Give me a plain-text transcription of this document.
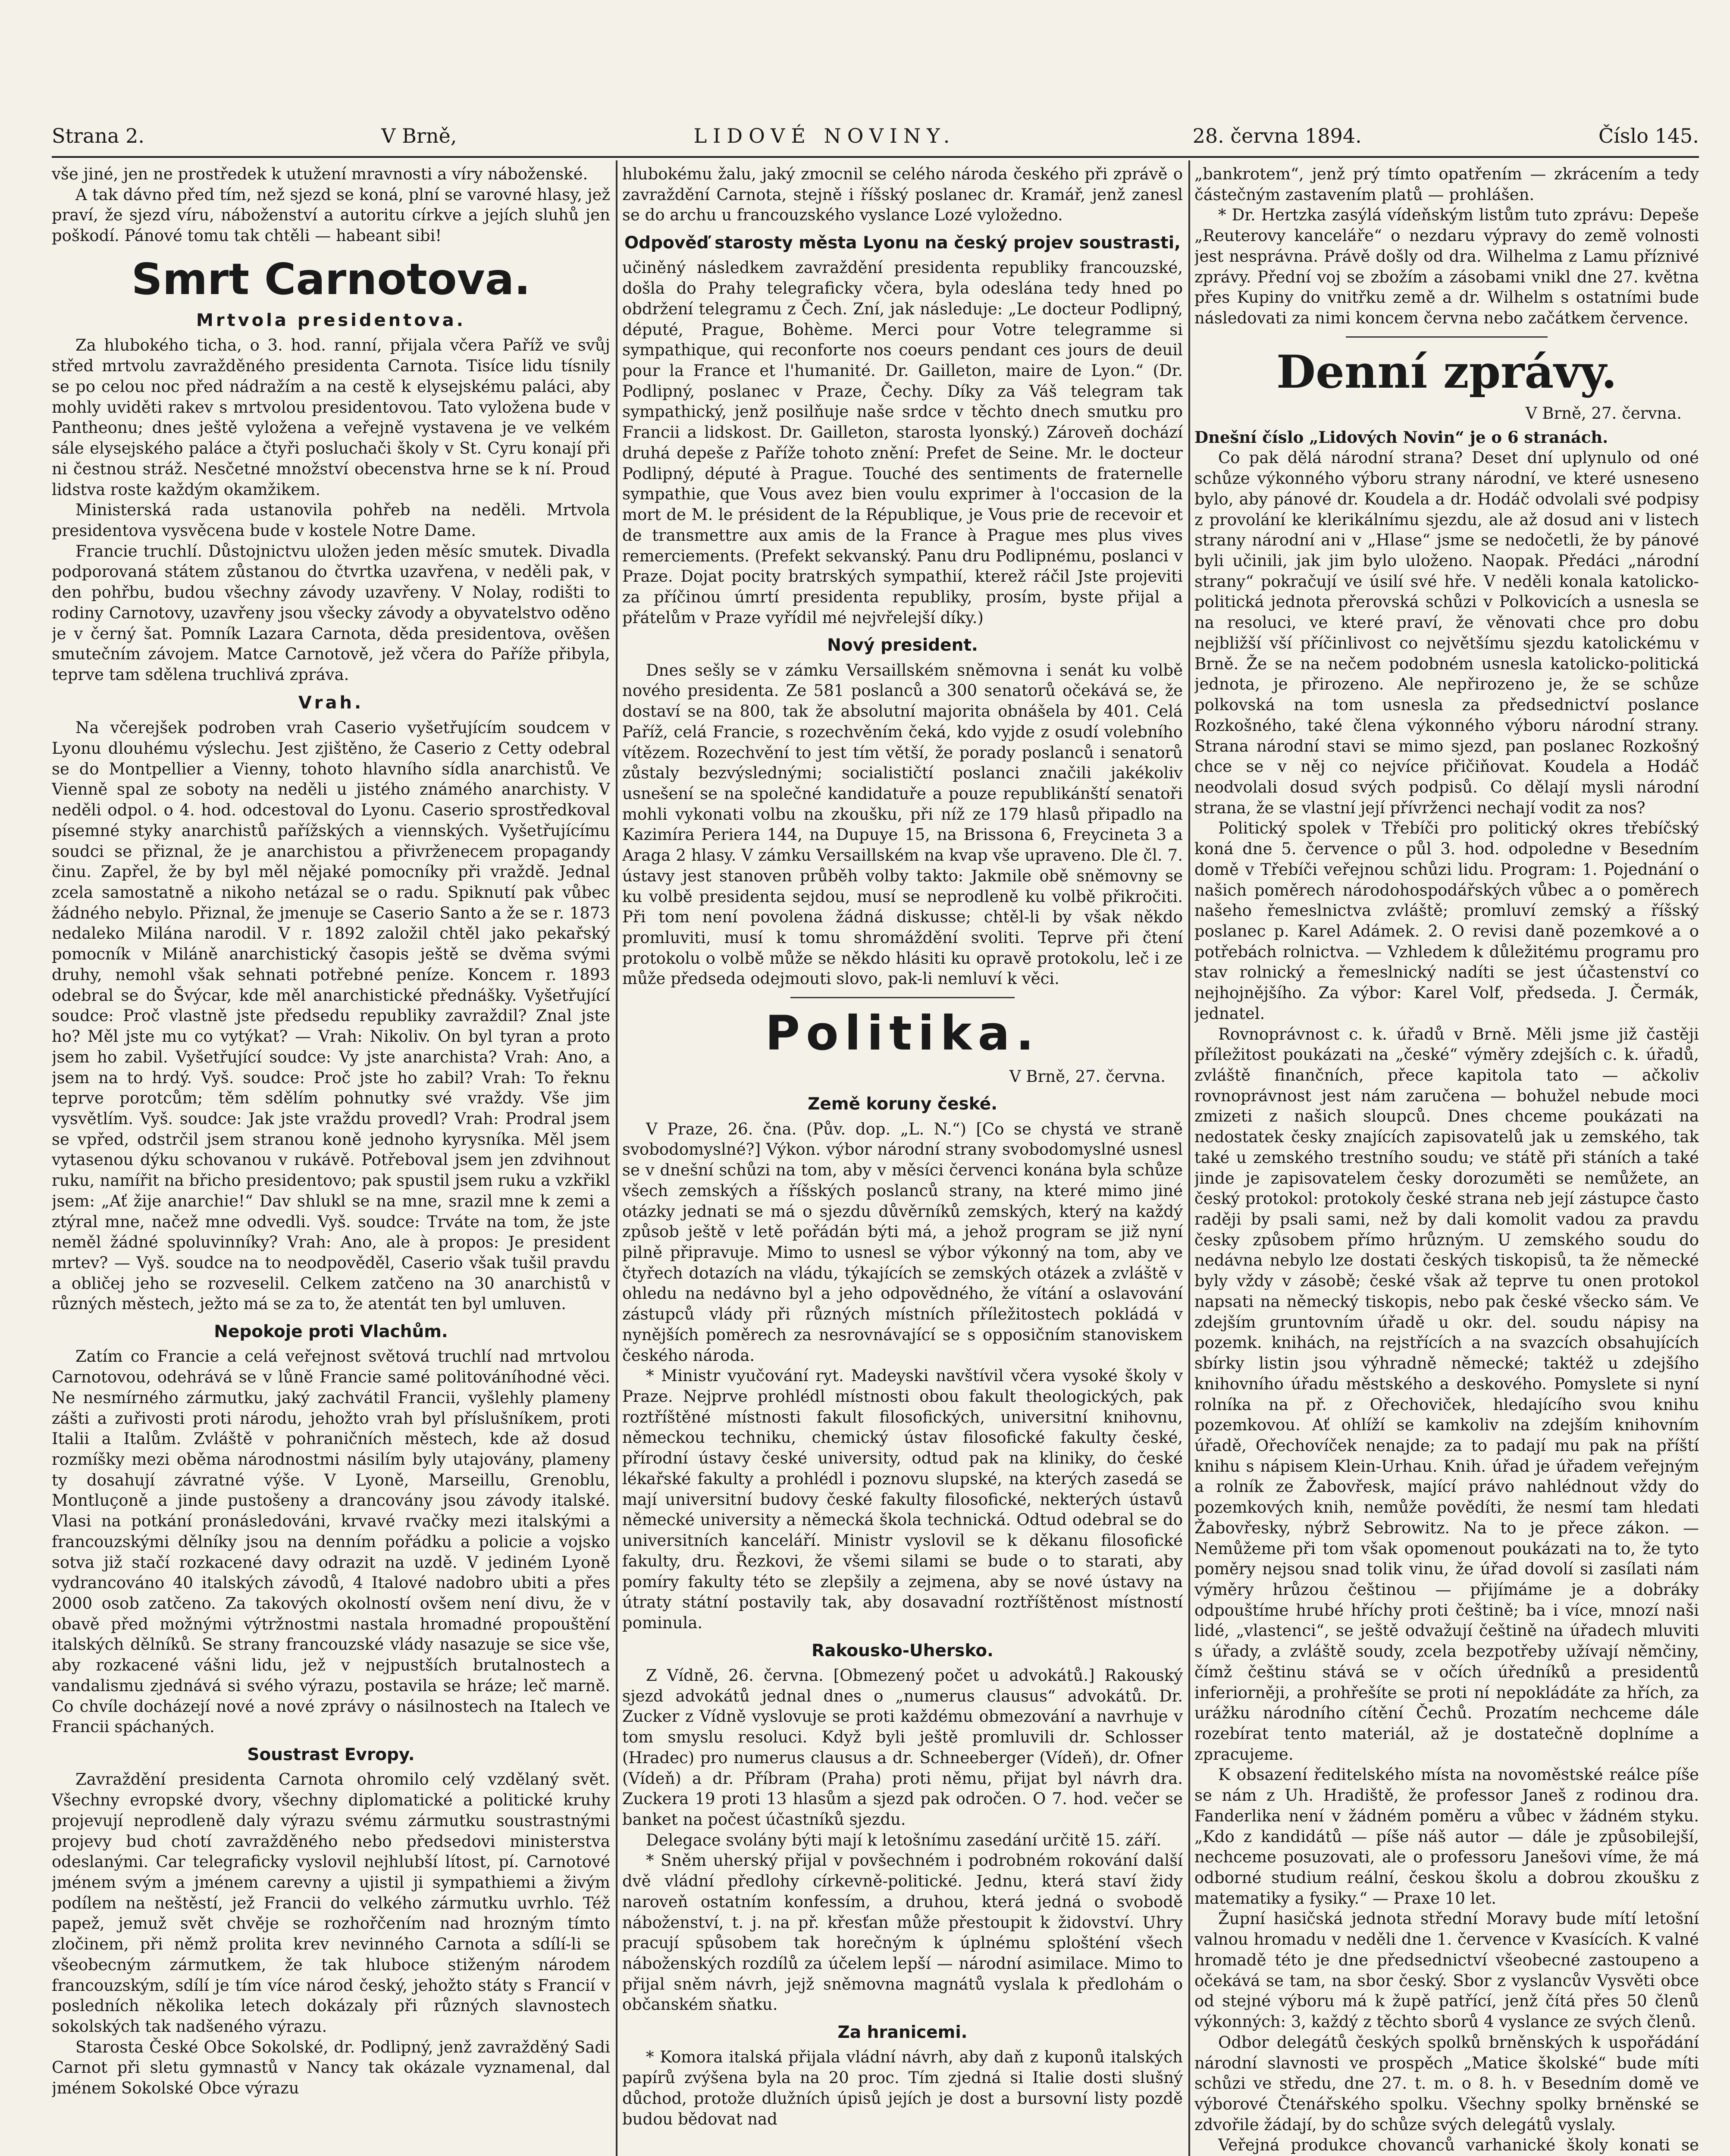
Strana 2.	V Brně,	LIDOVÉ NOVINY.	28. června 1894.	Číslo 145.

vše jiné, jen ne prostředek k utužení mravnosti a víry náboženské.

A tak dávno před tím, než sjezd se koná, plní se varovné hlasy, jež praví, že sjezd víru, náboženství a autoritu církve a jejích sluhů jen poškodí. Pánové tomu tak chtěli — habeant sibi!

Smrt Carnotova.
Mrtvola presidentova.

Za hlubokého ticha, o 3. hod. ranní, přijala včera Paříž ve svůj střed mrtvolu zavražděného presidenta Carnota. Tisíce lidu tísnily se po celou noc před nádražím a na cestě k elysejskému paláci, aby mohly uviděti rakev s mrtvolou presidentovou. Tato vyložena bude v Pantheonu; dnes ještě vyložena a veřejně vystavena je ve velkém sále elysejského paláce a čtyři posluchači školy v St. Cyru konají při ni čestnou stráž. Nesčetné množství obecenstva hrne se k ní. Proud lidstva roste každým okamžikem.

Ministerská rada ustanovila pohřeb na neděli. Mrtvola presidentova vysvěcena bude v kostele Notre Dame.

Francie truchlí. Důstojnictvu uložen jeden měsíc smutek. Divadla podporovaná státem zůstanou do čtvrtka uzavřena, v neděli pak, v den pohřbu, budou všechny závody uzavřeny. V Nolay, rodišti to rodiny Carnotovy, uzavřeny jsou všecky závody a obyvatelstvo oděno je v černý šat. Pomník Lazara Carnota, děda presidentova, ověšen smutečním závojem. Matce Carnotově, jež včera do Paříže přibyla, teprve tam sdělena truchlivá zpráva.

Vrah.

Na včerejšek podroben vrah Caserio vyšetřujícím soudcem v Lyonu dlouhému výslechu. Jest zjištěno, že Caserio z Cetty odebral se do Montpellier a Vienny, tohoto hlavního sídla anarchistů. Ve Vienně spal ze soboty na neděli u jistého známého anarchisty. V neděli odpol. o 4. hod. odcestoval do Lyonu. Caserio sprostředkoval písemné styky anarchistů pařížských a viennských. Vyšetřujícímu soudci se přiznal, že je anarchistou a přivrženecem propagandy činu. Zapřel, že by byl měl nějaké pomocníky při vraždě. Jednal zcela samostatně a nikoho netázal se o radu. Spiknutí pak vůbec žádného nebylo. Přiznal, že jmenuje se Caserio Santo a že se r. 1873 nedaleko Milána narodil. V r. 1892 založil chtěl jako pekařský pomocník v Miláně anarchistický časopis ještě se dvěma svými druhy, nemohl však sehnati potřebné peníze. Koncem r. 1893 odebral se do Švýcar, kde měl anarchistické přednášky. Vyšetřující soudce: Proč vlastně jste předsedu republiky zavraždil? Znal jste ho? Měl jste mu co vytýkat? — Vrah: Nikoliv. On byl tyran a proto jsem ho zabil. Vyšetřující soudce: Vy jste anarchista? Vrah: Ano, a jsem na to hrdý. Vyš. soudce: Proč jste ho zabil? Vrah: To řeknu teprve porotcům; těm sdělím pohnutky své vraždy. Vše jim vysvětlím. Vyš. soudce: Jak jste vraždu provedl? Vrah: Prodral jsem se vpřed, odstrčil jsem stranou koně jednoho kyrysníka. Měl jsem vytasenou dýku schovanou v rukávě. Potřeboval jsem jen zdvihnout ruku, namířit na břicho presidentovo; pak spustil jsem ruku a vzkřikl jsem: „Ať žije anarchie!“ Dav shlukl se na mne, srazil mne k zemi a ztýral mne, načež mne odvedli. Vyš. soudce: Trváte na tom, že jste neměl žádné spoluvinníky? Vrah: Ano, ale à propos: Je president mrtev? — Vyš. soudce na to neodpověděl, Caserio však tušil pravdu a obličej jeho se rozveselil. Celkem zatčeno na 30 anarchistů v různých městech, ježto má se za to, že atentát ten byl umluven.

Nepokoje proti Vlachům.

Zatím co Francie a celá veřejnost světová truchlí nad mrtvolou Carnotovou, odehrává se v lůně Francie samé politováníhodné věci. Ne nesmírného zármutku, jaký zachvátil Francii, vyšlehly plameny zášti a zuřivosti proti národu, jehožto vrah byl příslušníkem, proti Italii a Italům. Zvláště v pohraničních městech, kde až dosud rozmíšky mezi oběma národnostmi násilím byly utajovány, plameny ty dosahují závratné výše. V Lyoně, Marseillu, Grenoblu, Montluçoně a jinde pustošeny a drancovány jsou závody italské. Vlasi na potkání pronásledováni, krvavé rvačky mezi italskými a francouzskými dělníky jsou na denním pořádku a policie a vojsko sotva již stačí rozkacené davy odrazit na uzdě. V jediném Lyoně vydrancováno 40 italských závodů, 4 Italové nadobro ubiti a přes 2000 osob zatčeno. Za takových okolností ovšem není divu, že v obavě před možnými výtržnostmi nastala hromadné propouštění italských dělníků. Se strany francouzské vlády nasazuje se sice vše, aby rozkacené vášni lidu, jež v nejpustších brutalnostech a vandalismu zjednává si svého výrazu, postavila se hráze; leč marně. Co chvíle docházejí nové a nové zprávy o násilnostech na Italech ve Francii spáchaných.

Soustrast Evropy.

Zavraždění presidenta Carnota ohromilo celý vzdělaný svět. Všechny evropské dvory, všechny diplomatické a politické kruhy projevují neprodleně daly výrazu svému zármutku soustrastnými projevy bud chotí zavražděného nebo předsedovi ministerstva odeslanými. Car telegraficky vyslovil nejhlubší lítost, pí. Carnotové jménem svým a jménem carevny a ujistil ji sympathiemi a živým podílem na neštěstí, jež Francii do velkého zármutku uvrhlo. Též papež, jemuž svět chvěje se rozhořčením nad hrozným tímto zločinem, při němž prolita krev nevinného Carnota a sdílí-li se všeobecným zármutkem, že tak hluboce stiženým národem francouzským, sdílí je tím více národ český, jehožto státy s Francií v posledních několika letech dokázaly při různých slavnostech sokolských tak nadšeného výrazu.

Starosta České Obce Sokolské, dr. Podlipný, jenž zavražděný Sadi Carnot při sletu gymnastů v Nancy tak okázale vyznamenal, dal jménem Sokolské Obce výrazu

hlubokému žalu, jaký zmocnil se celého národa českého při zprávě o zavraždění Carnota, stejně i říšský poslanec dr. Kramář, jenž zanesl se do archu u francouzského vyslance Lozé vyložedno.

Odpověď starosty města Lyonu na český projev soustrasti,

učiněný následkem zavraždění presidenta republiky francouzské, došla do Prahy telegraficky včera, byla odeslána tedy hned po obdržení telegramu z Čech. Zní, jak následuje: „Le docteur Podlipný, député, Prague, Bohème. Merci pour Votre telegramme si sympathique, qui reconforte nos coeurs pendant ces jours de deuil pour la France et l'humanité. Dr. Gailleton, maire de Lyon.“ (Dr. Podlipný, poslanec v Praze, Čechy. Díky za Váš telegram tak sympathický, jenž posilňuje naše srdce v těchto dnech smutku pro Francii a lidskost. Dr. Gailleton, starosta lyonský.) Zároveň dochází druhá depeše z Paříže tohoto znění: Prefet de Seine. Mr. le docteur Podlipný, député à Prague. Touché des sentiments de fraternelle sympathie, que Vous avez bien voulu exprimer à l'occasion de la mort de M. le président de la République, je Vous prie de recevoir et de transmettre aux amis de la France à Prague mes plus vives remerciements. (Prefekt sekvanský. Panu dru Podlipnému, poslanci v Praze. Dojat pocity bratrských sympathií, kterež ráčil Jste projeviti za příčinou úmrtí presidenta republiky, prosím, byste přijal a přátelům v Praze vyřídil mé nejvřelejší díky.)

Nový president.

Dnes sešly se v zámku Versaillském sněmovna i senát ku volbě nového presidenta. Ze 581 poslanců a 300 senatorů očekává se, že dostaví se na 800, tak že absolutní majorita obnášela by 401. Celá Paříž, celá Francie, s rozechvěním čeká, kdo vyjde z osudí volebního vítězem. Rozechvění to jest tím větší, že porady poslanců i senatorů zůstaly bezvýslednými; socialističtí poslanci značili jakékoliv usnešení se na společné kandidatuře a pouze republikánští senatoři mohli vykonati volbu na zkoušku, při níž ze 179 hlasů připadlo na Kazimíra Periera 144, na Dupuye 15, na Brissona 6, Freycineta 3 a Araga 2 hlasy. V zámku Versaillském na kvap vše upraveno. Dle čl. 7. ústavy jest stanoven průběh volby takto: Jakmile obě sněmovny se ku volbě presidenta sejdou, musí se neprodleně ku volbě přikročiti. Při tom není povolena žádná diskusse; chtěl-li by však někdo promluviti, musí k tomu shromáždění svoliti. Teprve při čtení protokolu o volbě může se někdo hlásiti ku opravě protokolu, leč i ze může předseda odejmouti slovo, pak-li nemluví k věci.

Politika.
V Brně, 27. června.
Země koruny české.

V Praze, 26. čna. (Pův. dop. „L. N.“) [Co se chystá ve straně svobodomyslné?] Výkon. výbor národní strany svobodomyslné usnesl se v dnešní schůzi na tom, aby v měsíci červenci konána byla schůze všech zemských a říšských poslanců strany, na které mimo jiné otázky jednati se má o sjezdu důvěrníků zemských, který na každý způsob ještě v letě pořádán býti má, a jehož program se již nyní pilně připravuje. Mimo to usnesl se výbor výkonný na tom, aby ve čtyřech dotazích na vládu, týkajících se zemských otázek a zvláště v ohledu na nedávno byl a jeho odpovědného, že vítání a oslavování zástupců vlády při různých místních příležitostech pokládá v nynějších poměrech za nesrovnávající se s opposičním stanoviskem českého národa.

* Ministr vyučování ryt. Madeyski navštívil včera vysoké školy v Praze. Nejprve prohlédl místnosti obou fakult theologických, pak roztříštěné místnosti fakult filosofických, universitní knihovnu, německou techniku, chemický ústav filosofické fakulty české, přírodní ústavy české university, odtud pak na kliniky, do české lékařské fakulty a prohlédl i poznovu slupské, na kterých zasedá se mají universitní budovy české fakulty filosofické, nekterých ústavů německé university a německá škola technická. Odtud odebral se do universitních kanceláří. Ministr vyslovil se k děkanu filosofické fakulty, dru. Řezkovi, že všemi silami se bude o to starati, aby pomíry fakulty této se zlepšily a zejmena, aby se nové ústavy na útraty státní postavily tak, aby dosavadní roztříštěnost místností pominula.

Rakousko-Uhersko.

Z Vídně, 26. června. [Obmezený počet u advokátů.] Rakouský sjezd advokátů jednal dnes o „numerus clausus“ advokátů. Dr. Zucker z Vídně vyslovuje se proti každému obmezování a navrhuje v tom smyslu resoluci. Když byli ještě promluvili dr. Schlosser (Hradec) pro numerus clausus a dr. Schneeberger (Vídeň), dr. Ofner (Vídeň) a dr. Příbram (Praha) proti němu, přijat byl návrh dra. Zuckera 19 proti 13 hlasům a sjezd pak odročen. O 7. hod. večer se banket na počest účastníků sjezdu.

Delegace svolány býti mají k letošnímu zasedání určitě 15. září.

* Sněm uherský přijal v povšechném i podrobném rokování další dvě vládní předlohy církevně-politické. Jednu, která staví židy naroveň ostatním konfessím, a druhou, která jedná o svobodě náboženství, t. j. na př. křesťan může přestoupit k židovství. Uhry pracují spůsobem tak horečným k úplnému splošténí všech náboženských rozdílů za účelem lepší — národní asimilace. Mimo to přijal sněm návrh, jejž sněmovna magnátů vyslala k předlohám o občanském sňatku.

Za hranicemi.

* Komora italská přijala vládní návrh, aby daň z kuponů italských papírů zvýšena byla na 20 proc. Tím zjedná si Italie dosti slušný důchod, protože dlužních úpisů jejích je dost a bursovní listy pozdě budou bědovat nad

„bankrotem“, jenž prý tímto opatřením — zkrácením a tedy částečným zastavením platů — prohlášen.

* Dr. Hertzka zasýlá vídeňským listům tuto zprávu: Depeše „Reuterovy kanceláře“ o nezdaru výpravy do země volnosti jest nesprávna. Právě došly od dra. Wilhelma z Lamu příznivé zprávy. Přední voj se zbožím a zásobami vnikl dne 27. května přes Kupiny do vnitřku země a dr. Wilhelm s ostatními bude následovati za nimi koncem června nebo začátkem července.

Denní zprávy.
V Brně, 27. června.

Dnešní číslo „Lidových Novin“ je o 6 stranách.

Co pak dělá národní strana? Deset dní uplynulo od oné schůze výkonného výboru strany národní, ve které usneseno bylo, aby pánové dr. Koudela a dr. Hodáč odvolali své podpisy z provolání ke klerikálnímu sjezdu, ale až dosud ani v listech strany národní ani v „Hlase“ jsme se nedočetli, že by pánové byli učinili, jak jim bylo uloženo. Naopak. Předáci „národní strany“ pokračují ve úsilí své hře. V neděli konala katolicko-politická jednota přerovská schůzi v Polkovicích a usnesla se na resoluci, ve které praví, že věnovati chce pro dobu nejbližší vší příčinlivost co největšímu sjezdu katolickému v Brně. Že se na nečem podobném usnesla katolicko-politická jednota, je přirozeno. Ale nepřirozeno je, že se schůze polkovská na tom usnesla za předsednictví poslance Rozkošného, také člena výkonného výboru národní strany. Strana národní stavi se mimo sjezd, pan poslanec Rozkošný chce se v něj co nejvíce přičiňovat. Koudela a Hodáč neodvolali dosud svých podpisů. Co dělají mysli národní strana, že se vlastní její přívrženci nechají vodit za nos?

Politický spolek v Třebíči pro politický okres třebíčský koná dne 5. července o půl 3. hod. odpoledne v Besedním domě v Třebíči veřejnou schůzi lidu. Program: 1. Pojednání o našich poměrech národohospodářských vůbec a o poměrech našeho řemeslnictva zvláště; promluví zemský a říšský poslanec p. Karel Adámek. 2. O revisi daně pozemkové a o potřebách rolnictva. — Vzhledem k důležitému programu pro stav rolnický a řemeslnický nadíti se jest účastenství co nejhojnějšího. Za výbor: Karel Volf, předseda. J. Čermák, jednatel.

Rovnoprávnost c. k. úřadů v Brně. Měli jsme již častěji příležitost poukázati na „české“ výměry zdejších c. k. úřadů, zvláště finančních, přece kapitola tato — ačkoliv rovnoprávnost jest nám zaručena — bohužel nebude moci zmizeti z našich sloupců. Dnes chceme poukázati na nedostatek česky znajících zapisovatelů jak u zemského, tak také u zemského trestního soudu; ve státě při stáních a také jinde je zapisovatelem česky dorozuměti se nemůžete, an český protokol: protokoly české strana neb její zástupce často raději by psali sami, než by dali komolit vadou za pravdu česky způsobem přímo hrůzným. U zemského soudu do nedávna nebylo lze dostati českých tiskopisů, ta že německé byly vždy v zásobě; české však až teprve tu onen protokol napsati na německý tiskopis, nebo pak české všecko sám. Ve zdejším gruntovním úřadě u okr. del. soudu nápisy na pozemk. knihách, na rejstřících a na svazcích obsahujících sbírky listin jsou výhradně německé; taktéž u zdejšího knihovního úřadu městského a deskového. Pomyslete si nyní rolníka na př. z Ořechoviček, hledajícího svou knihu pozemkovou. Ať ohlíží se kamkoliv na zdejším knihovním úřadě, Ořechovíček nenajde; za to padají mu pak na příští knihu s nápisem Klein-Urhau. Knih. úřad je úřadem veřejným a rolník ze Žabovřesk, mající právo nahlédnout vždy do pozemkových knih, nemůže povědíti, že nesmí tam hledati Žabovřesky, nýbrž Sebrowitz. Na to je přece zákon. — Nemůžeme při tom však opomenout poukázati na to, že tyto poměry nejsou snad tolik vinu, že úřad dovolí si zasílati nám výměry hrůzou češtinou — přijímáme je a dobráky odpouštíme hrubé hříchy proti češtině; ba i více, mnozí naši lidé, „vlastenci“, se ještě odvažují češtině na úřadech mluviti s úřady, a zvláště soudy, zcela bezpotřeby užívají němčiny, čímž češtinu stává se v očích úředníků a presidentů inferiorněji, a prohřešíte se proti ní nepokládáte za hřích, za urážku národního cítění Čechů. Prozatím nechceme dále rozebírat tento materiál, až je dostatečně doplníme a zpracujeme.

K obsazení ředitelského místa na novoměstské reálce píše se nám z Uh. Hradiště, že professor Janeš z rodinou dra. Fanderlika není v žádném poměru a vůbec v žádném styku. „Kdo z kandidátů — píše náš autor — dále je způsobilejší, nechceme posuzovati, ale o professoru Janešovi víme, že má odborné studium reální, českou školu a dobrou zkoušku z matematiky a fysiky.“ — Praxe 10 let.

Župní hasičská jednota střední Moravy bude mítí letošní valnou hromadu v neděli dne 1. července v Kvasících. K valné hromadě této je dne předsednictví všeobecné zastoupeno a očekává se tam, na sbor český. Sbor z vyslancův Vysvěti obce od stejné výboru má k župě patřící, jenž čítá přes 50 členů výkonných: 3, každý z těchto sborů 4 vyslance ze svých členů.

Odbor delegátů českých spolků brněnských k uspořádání národní slavnosti ve prospěch „Matice školské“ bude míti schůzi ve středu, dne 27. t. m. o 8. h. v Besedním domě ve výborové Čtenářského spolku. Všechny spolky brněnské se zdvořile žádají, by do schůze svých delegátů vyslaly.

Veřejná produkce chovanců varhanické školy konati se
